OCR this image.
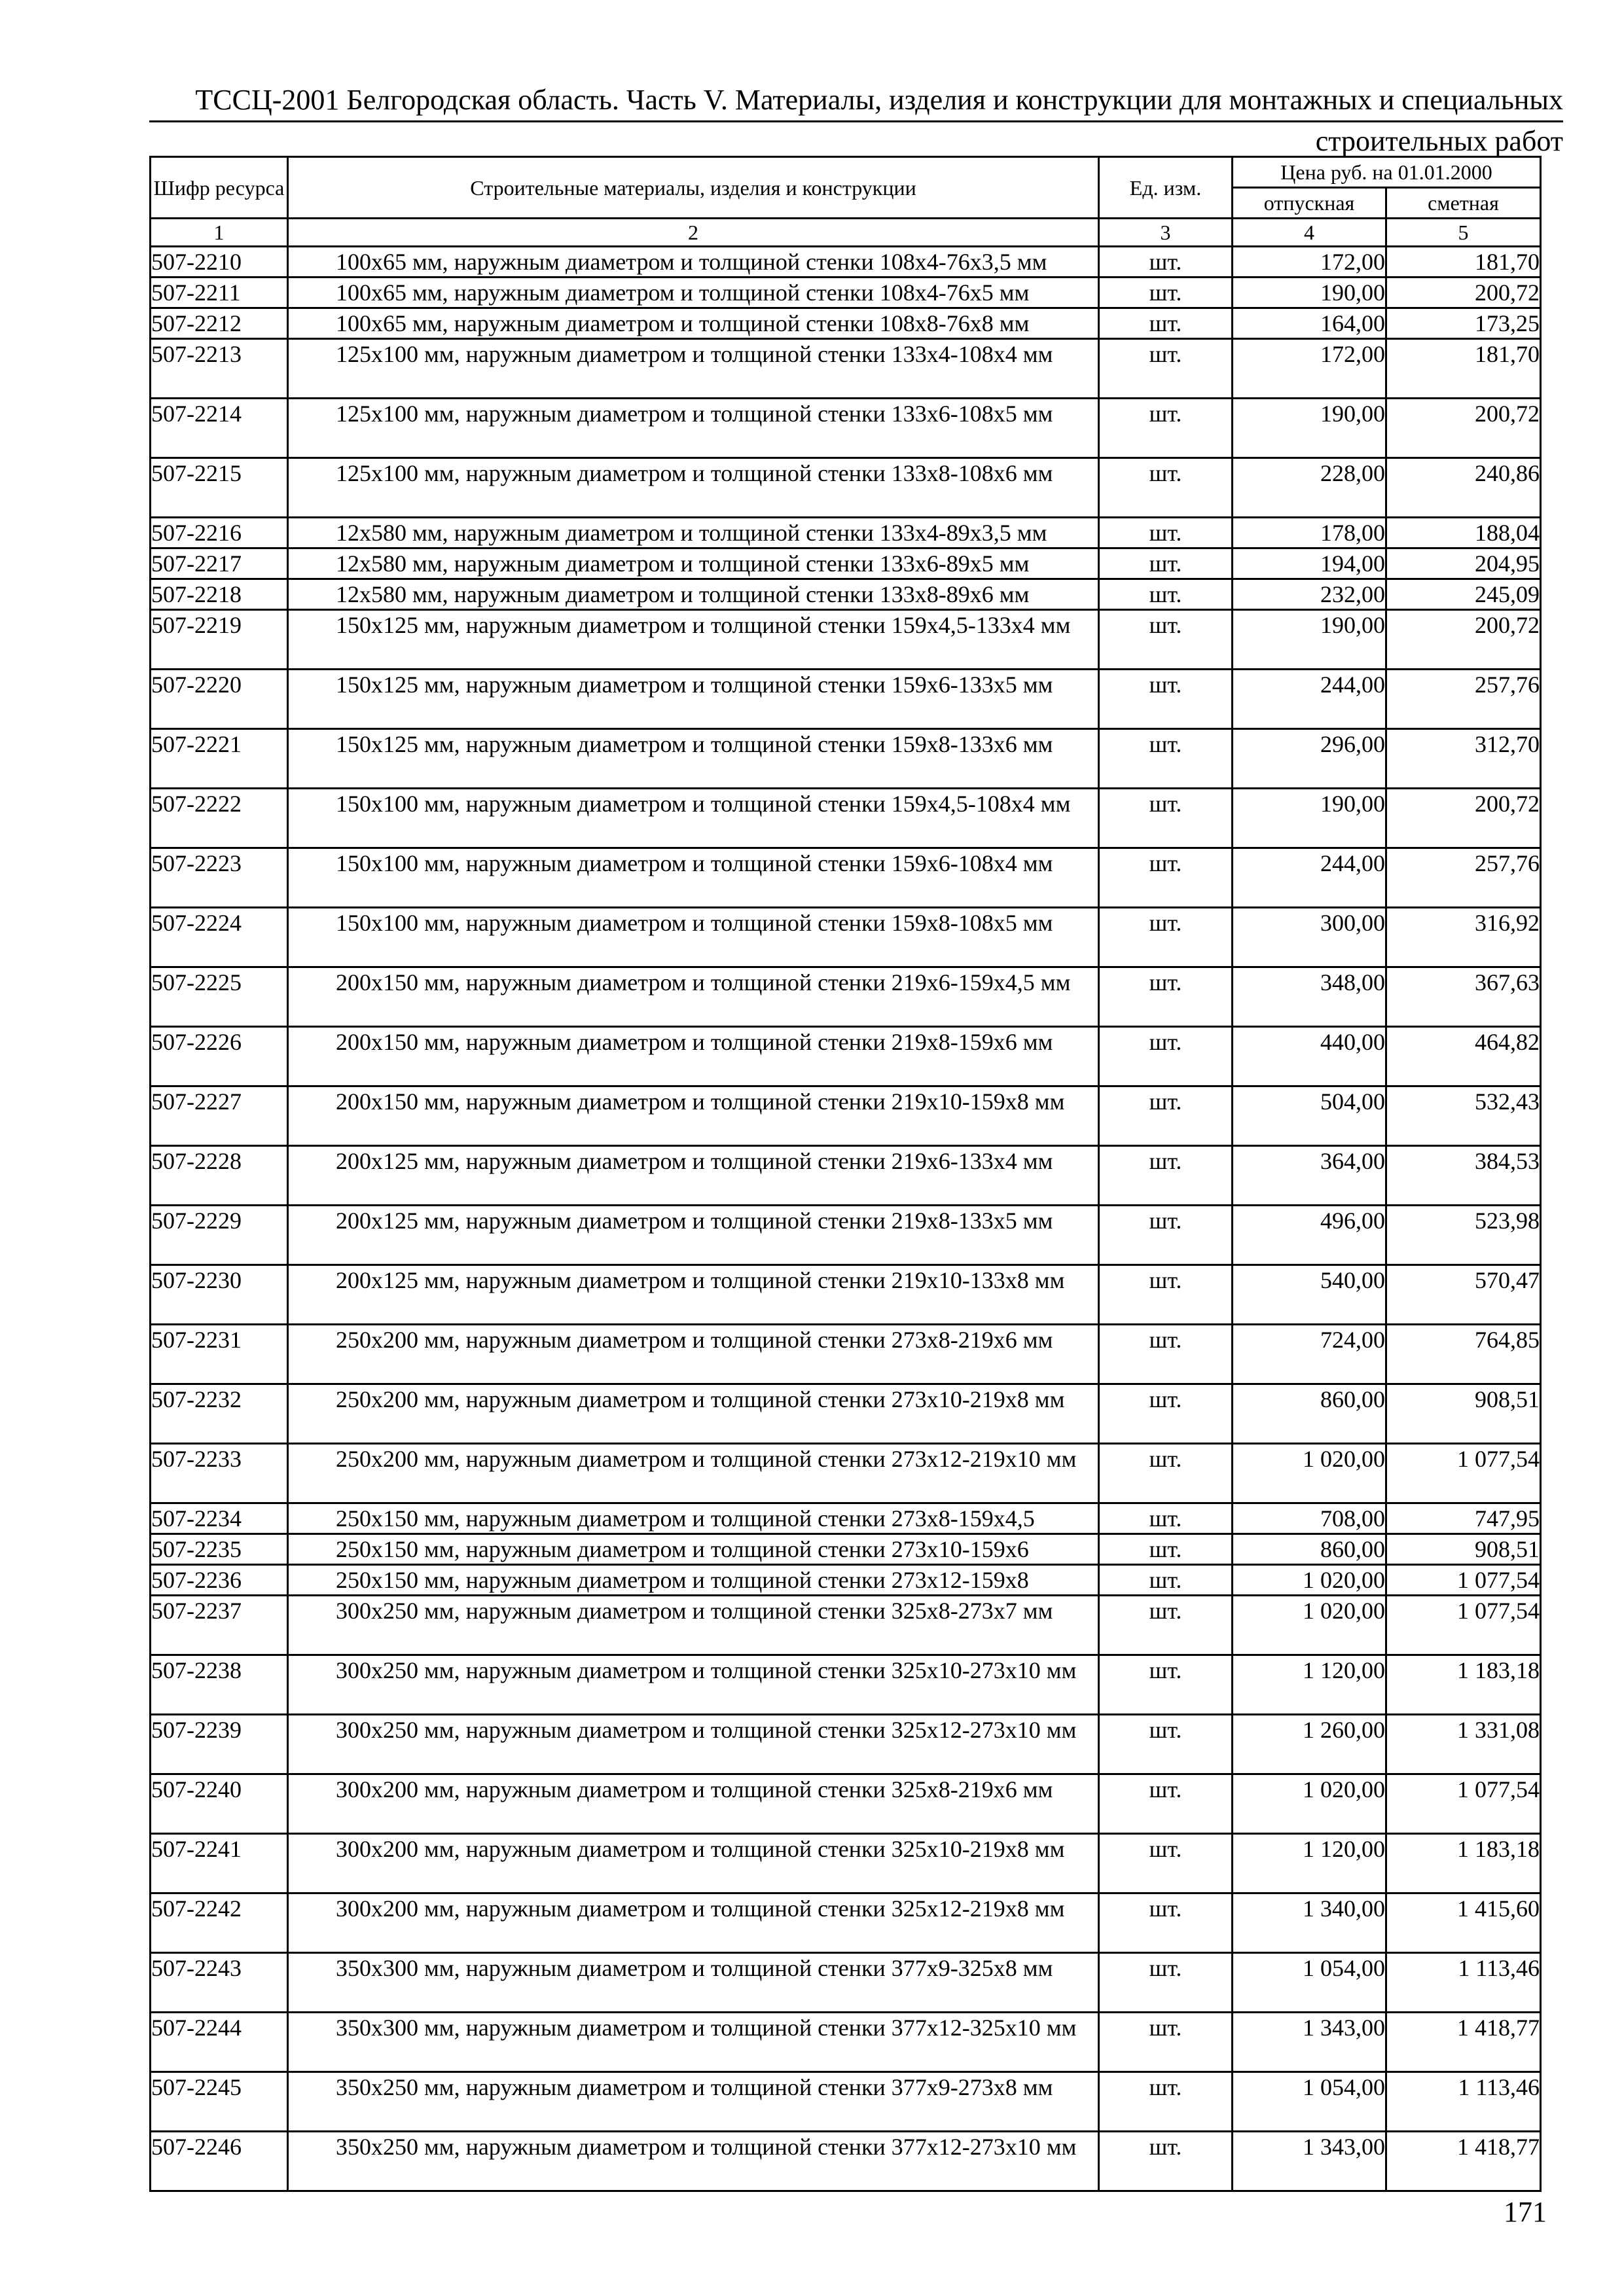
ТССЦ-2001 Белгородская область. Часть V. Материалы, изделия и конструкции для монтажных и специальных
строительных работ
Шифр ресурса	Строительные материалы, изделия и конструкции	Ед. изм.	Цена руб. на 01.01.2000	
			отпускная	сметная
1	2	3	4	5
507-2210	100х65 мм, наружным диаметром и толщиной стенки 108х4-76х3,5 мм	шт.	172,00	181,70
507-2211	100х65 мм, наружным диаметром и толщиной стенки 108х4-76х5 мм	шт.	190,00	200,72
507-2212	100х65 мм, наружным диаметром и толщиной стенки 108х8-76х8 мм	шт.	164,00	173,25
507-2213	125х100 мм, наружным диаметром и толщиной стенки 133х4-108х4 мм	шт.	172,00	181,70
507-2214	125х100 мм, наружным диаметром и толщиной стенки 133х6-108х5 мм	шт.	190,00	200,72
507-2215	125х100 мм, наружным диаметром и толщиной стенки 133х8-108х6 мм	шт.	228,00	240,86
507-2216	12х580 мм, наружным диаметром и толщиной стенки 133х4-89х3,5 мм	шт.	178,00	188,04
507-2217	12х580 мм, наружным диаметром и толщиной стенки 133х6-89х5 мм	шт.	194,00	204,95
507-2218	12х580 мм, наружным диаметром и толщиной стенки 133х8-89х6 мм	шт.	232,00	245,09
507-2219	150х125 мм, наружным диаметром и толщиной стенки 159х4,5-133х4 мм	шт.	190,00	200,72
507-2220	150х125 мм, наружным диаметром и толщиной стенки 159х6-133х5 мм	шт.	244,00	257,76
507-2221	150х125 мм, наружным диаметром и толщиной стенки 159х8-133х6 мм	шт.	296,00	312,70
507-2222	150х100 мм, наружным диаметром и толщиной стенки 159х4,5-108х4 мм	шт.	190,00	200,72
507-2223	150х100 мм, наружным диаметром и толщиной стенки 159х6-108х4 мм	шт.	244,00	257,76
507-2224	150х100 мм, наружным диаметром и толщиной стенки 159х8-108х5 мм	шт.	300,00	316,92
507-2225	200х150 мм, наружным диаметром и толщиной стенки 219х6-159х4,5 мм	шт.	348,00	367,63
507-2226	200х150 мм, наружным диаметром и толщиной стенки 219х8-159х6 мм	шт.	440,00	464,82
507-2227	200х150 мм, наружным диаметром и толщиной стенки 219х10-159х8 мм	шт.	504,00	532,43
507-2228	200х125 мм, наружным диаметром и толщиной стенки 219х6-133х4 мм	шт.	364,00	384,53
507-2229	200х125 мм, наружным диаметром и толщиной стенки 219х8-133х5 мм	шт.	496,00	523,98
507-2230	200х125 мм, наружным диаметром и толщиной стенки 219х10-133х8 мм	шт.	540,00	570,47
507-2231	250х200 мм, наружным диаметром и толщиной стенки 273х8-219х6 мм	шт.	724,00	764,85
507-2232	250х200 мм, наружным диаметром и толщиной стенки 273х10-219х8 мм	шт.	860,00	908,51
507-2233	250х200 мм, наружным диаметром и толщиной стенки 273х12-219х10 мм	шт.	1 020,00	1 077,54
507-2234	250х150 мм, наружным диаметром и толщиной стенки 273х8-159х4,5	шт.	708,00	747,95
507-2235	250х150 мм, наружным диаметром и толщиной стенки 273х10-159х6	шт.	860,00	908,51
507-2236	250х150 мм, наружным диаметром и толщиной стенки 273х12-159х8	шт.	1 020,00	1 077,54
507-2237	300х250 мм, наружным диаметром и толщиной стенки 325х8-273х7 мм	шт.	1 020,00	1 077,54
507-2238	300х250 мм, наружным диаметром и толщиной стенки 325х10-273х10 мм	шт.	1 120,00	1 183,18
507-2239	300х250 мм, наружным диаметром и толщиной стенки 325х12-273х10 мм	шт.	1 260,00	1 331,08
507-2240	300х200 мм, наружным диаметром и толщиной стенки 325х8-219х6 мм	шт.	1 020,00	1 077,54
507-2241	300х200 мм, наружным диаметром и толщиной стенки 325х10-219х8 мм	шт.	1 120,00	1 183,18
507-2242	300х200 мм, наружным диаметром и толщиной стенки 325х12-219х8 мм	шт.	1 340,00	1 415,60
507-2243	350х300 мм, наружным диаметром и толщиной стенки 377х9-325х8 мм	шт.	1 054,00	1 113,46
507-2244	350х300 мм, наружным диаметром и толщиной стенки 377х12-325х10 мм	шт.	1 343,00	1 418,77
507-2245	350х250 мм, наружным диаметром и толщиной стенки 377х9-273х8 мм	шт.	1 054,00	1 113,46
507-2246	350х250 мм, наружным диаметром и толщиной стенки 377х12-273х10 мм	шт.	1 343,00	1 418,77
171
